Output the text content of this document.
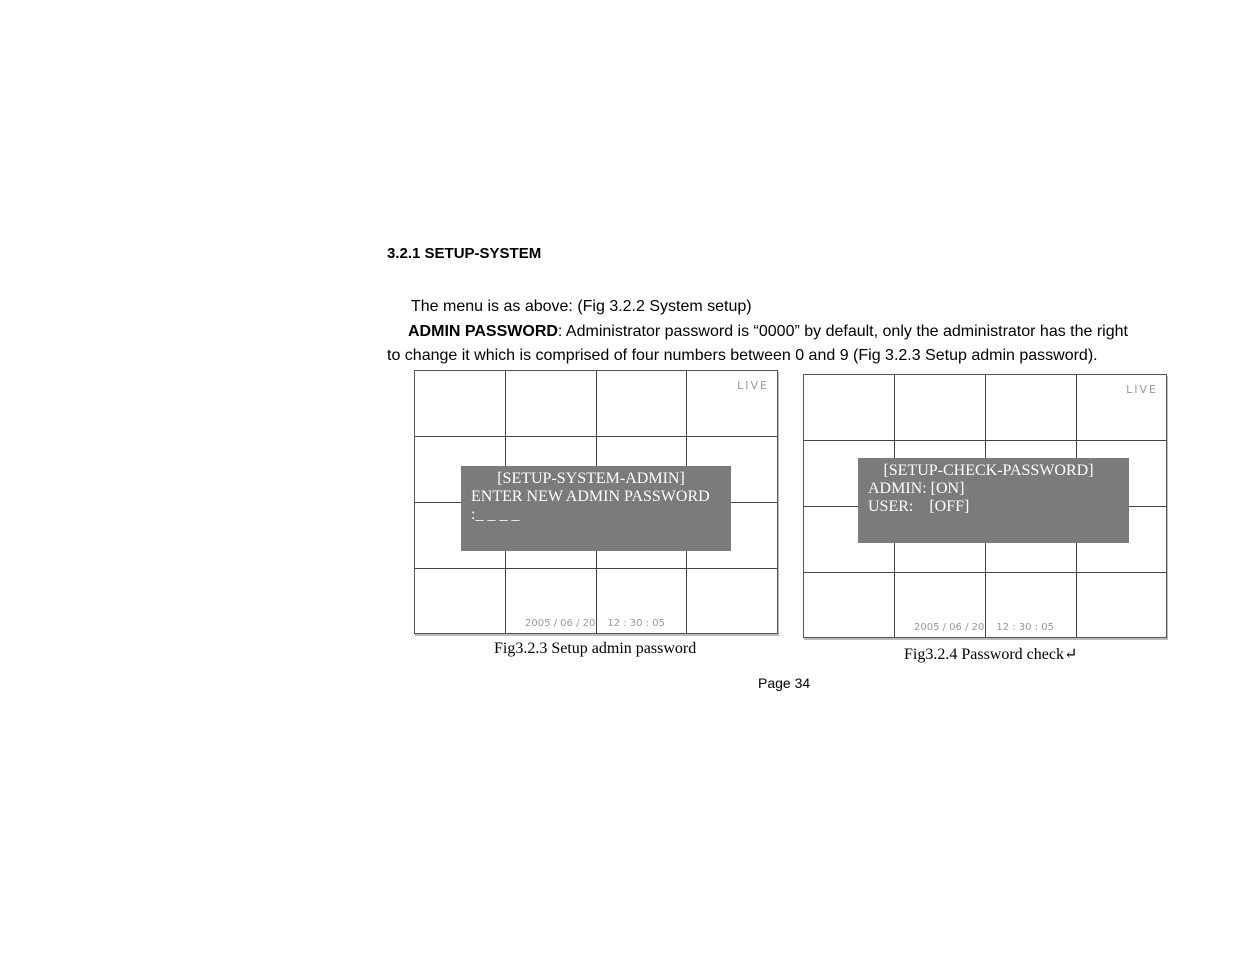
3.2.1 SETUP-SYSTEM
The menu is as above: (Fig 3.2.2 System setup)
ADMIN PASSWORD: Administrator password is “0000” by default, only the administrator has the right
to change it which is comprised of four numbers between 0 and 9 (Fig 3.2.3 Setup admin password).
LIVE
[SETUP-SYSTEM-ADMIN]
ENTER NEW ADMIN PASSWORD
:_ _ _ _
2005 / 06 / 20 12 : 30 : 05
Fig3.2.3 Setup admin password
LIVE
[SETUP-CHECK-PASSWORD]
ADMIN: [ON]
USER:    [OFF]
2005 / 06 / 20 12 : 30 : 05
Fig3.2.4 Password check↵
Page 34
